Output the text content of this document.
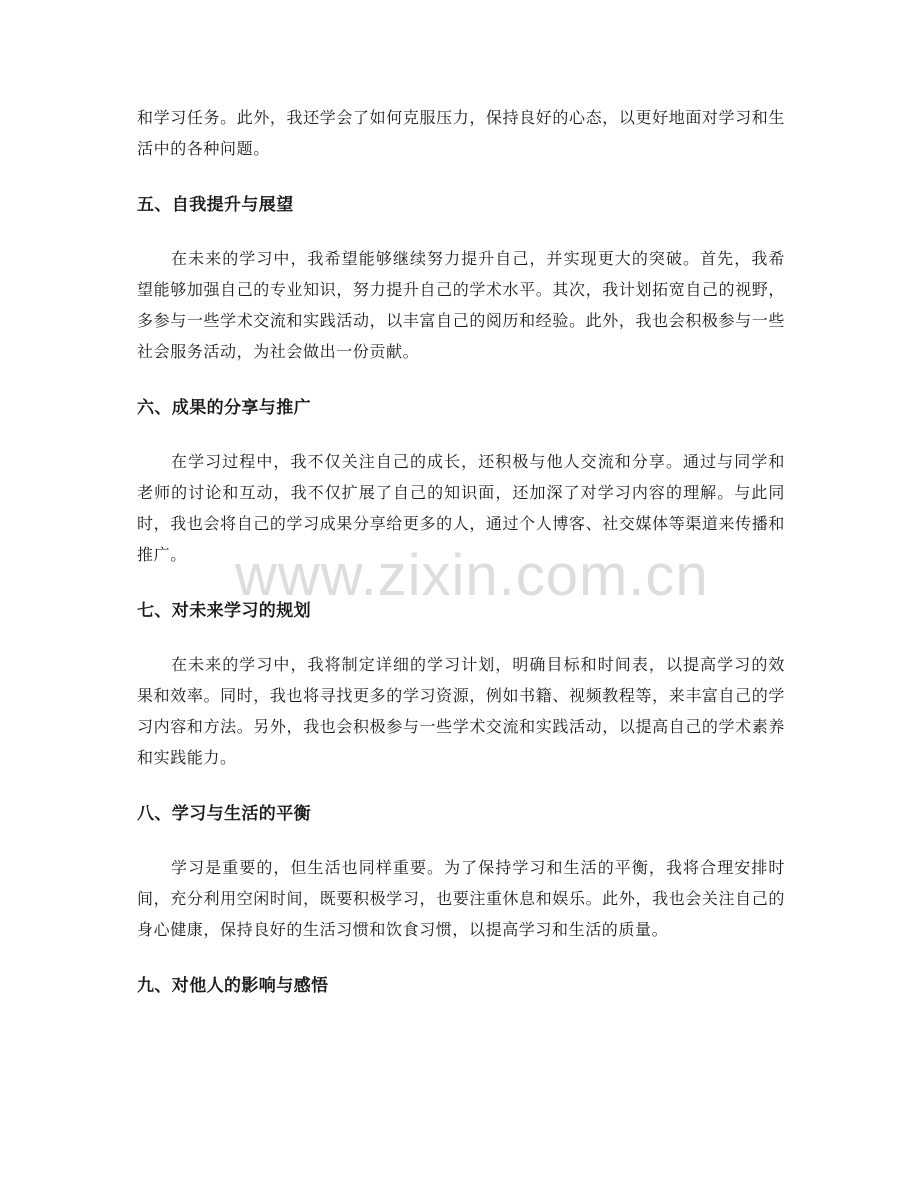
和学习任务。此外，我还学会了如何克服压力，保持良好的心态，以更好地面对学习和生活中的各种问题。

五、自我提升与展望

在未来的学习中，我希望能够继续努力提升自己，并实现更大的突破。首先，我希望能够加强自己的专业知识，努力提升自己的学术水平。其次，我计划拓宽自己的视野，多参与一些学术交流和实践活动，以丰富自己的阅历和经验。此外，我也会积极参与一些社会服务活动，为社会做出一份贡献。

六、成果的分享与推广

在学习过程中，我不仅关注自己的成长，还积极与他人交流和分享。通过与同学和老师的讨论和互动，我不仅扩展了自己的知识面，还加深了对学习内容的理解。与此同时，我也会将自己的学习成果分享给更多的人，通过个人博客、社交媒体等渠道来传播和推广。

七、对未来学习的规划

在未来的学习中，我将制定详细的学习计划，明确目标和时间表，以提高学习的效果和效率。同时，我也将寻找更多的学习资源，例如书籍、视频教程等，来丰富自己的学习内容和方法。另外，我也会积极参与一些学术交流和实践活动，以提高自己的学术素养和实践能力。

八、学习与生活的平衡

学习是重要的，但生活也同样重要。为了保持学习和生活的平衡，我将合理安排时间，充分利用空闲时间，既要积极学习，也要注重休息和娱乐。此外，我也会关注自己的身心健康，保持良好的生活习惯和饮食习惯，以提高学习和生活的质量。

九、对他人的影响与感悟
www.zixin.com.cn
